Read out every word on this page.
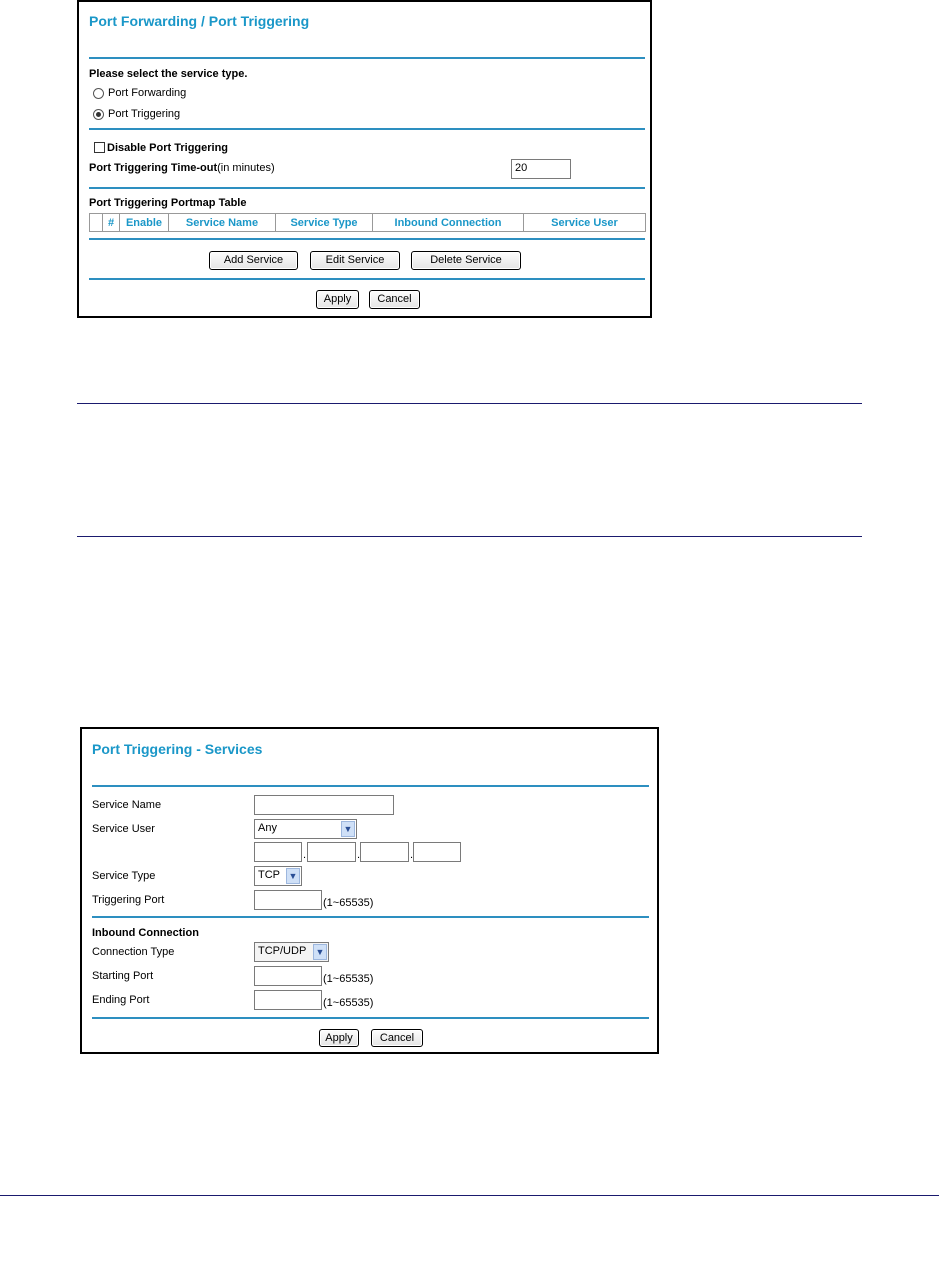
Port Forwarding / Port Triggering
Please select the service type.
Port Forwarding
Port Triggering
Disable Port Triggering
Port Triggering Time-out(in minutes)	20
Port Triggering Portmap Table
	#	Enable	Service Name	Service Type	Inbound Connection	Service User
Add Service	Edit Service	Delete Service
Apply	Cancel
Port Triggering - Services
Service Name
Service User	Any	▼
.	.	.
Service Type	TCP ▼
Triggering Port	(1~65535)
Inbound Connection
Connection Type	TCP/UDP ▼
Starting Port	(1~65535)
Ending Port	(1~65535)
Apply	Cancel
